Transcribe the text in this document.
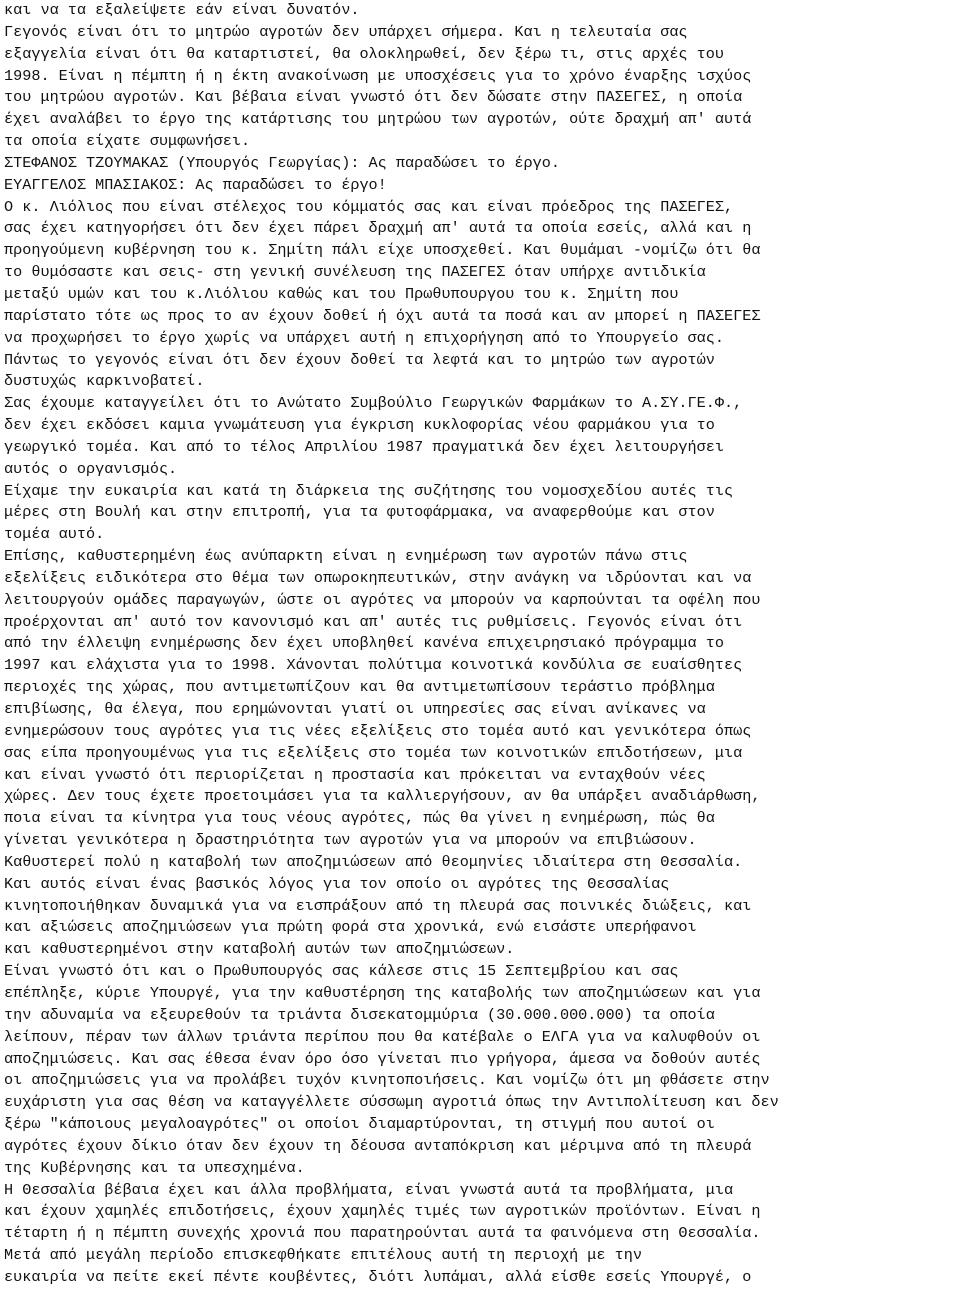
και να τα εξαλείψετε εάν είναι δυνατόν.
Γεγονός είναι ότι το μητρώο αγροτών δεν υπάρχει σήμερα. Και η τελευταία σας
εξαγγελία είναι ότι θα καταρτιστεί, θα ολοκληρωθεί, δεν ξέρω τι, στις αρχές του
1998. Είναι η πέμπτη ή η έκτη ανακοίνωση με υποσχέσεις για το χρόνο έναρξης ισχύος
του μητρώου αγροτών. Και βέβαια είναι γνωστό ότι δεν δώσατε στην ΠΑΣΕΓΕΣ, η οποία
έχει αναλάβει το έργο της κατάρτισης του μητρώου των αγροτών, ούτε δραχμή απ' αυτά
τα οποία είχατε συμφωνήσει.
ΣΤΕΦΑΝΟΣ ΤΖΟΥΜΑΚΑΣ (Υπουργός Γεωργίας): Ας παραδώσει το έργο.
ΕΥΑΓΓΕΛΟΣ ΜΠΑΣΙΑΚΟΣ: Ας παραδώσει το έργο!
Ο κ. Λιόλιος που είναι στέλεχος του κόμματός σας και είναι πρόεδρος της ΠΑΣΕΓΕΣ,
σας έχει κατηγορήσει ότι δεν έχει πάρει δραχμή απ' αυτά τα οποία εσείς, αλλά και η
προηγούμενη κυβέρνηση του κ. Σημίτη πάλι είχε υποσχεθεί. Και θυμάμαι -νομίζω ότι θα
το θυμόσαστε και σεις- στη γενική συνέλευση της ΠΑΣΕΓΕΣ όταν υπήρχε αντιδικία
μεταξύ υμών και του κ.Λιόλιου καθώς και του Πρωθυπουργου του κ. Σημίτη που
παρίστατο τότε ως προς το αν έχουν δοθεί ή όχι αυτά τα ποσά και αν μπορεί η ΠΑΣΕΓΕΣ
να προχωρήσει το έργο χωρίς να υπάρχει αυτή η επιχορήγηση από το Υπουργείο σας.
Πάντως το γεγονός είναι ότι δεν έχουν δοθεί τα λεφτά και το μητρώο των αγροτών
δυστυχώς καρκινοβατεί.
Σας έχουμε καταγγείλει ότι το Ανώτατο Συμβούλιο Γεωργικών Φαρμάκων το Α.ΣΥ.ΓΕ.Φ.,
δεν έχει εκδόσει καμια γνωμάτευση για έγκριση κυκλοφορίας νέου φαρμάκου για το
γεωργικό τομέα. Και από το τέλος Απριλίου 1987 πραγματικά δεν έχει λειτουργήσει
αυτός ο οργανισμός.
Είχαμε την ευκαιρία και κατά τη διάρκεια της συζήτησης του νομοσχεδίου αυτές τις
μέρες στη Βουλή και στην επιτροπή, για τα φυτοφάρμακα, να αναφερθούμε και στον
τομέα αυτό.
Επίσης, καθυστερημένη έως ανύπαρκτη είναι η ενημέρωση των αγροτών πάνω στις
εξελίξεις ειδικότερα στο θέμα των οπωροκηπευτικών, στην ανάγκη να ιδρύονται και να
λειτουργούν ομάδες παραγωγών, ώστε οι αγρότες να μπορούν να καρπούνται τα οφέλη που
προέρχονται απ' αυτό τον κανονισμό και απ' αυτές τις ρυθμίσεις. Γεγονός είναι ότι
από την έλλειψη ενημέρωσης δεν έχει υποβληθεί κανένα επιχειρησιακό πρόγραμμα το
1997 και ελάχιστα για το 1998. Χάνονται πολύτιμα κοινοτικά κονδύλια σε ευαίσθητες
περιοχές της χώρας, που αντιμετωπίζουν και θα αντιμετωπίσουν τεράστιο πρόβλημα
επιβίωσης, θα έλεγα, που ερημώνονται γιατί οι υπηρεσίες σας είναι ανίκανες να
ενημερώσουν τους αγρότες για τις νέες εξελίξεις στο τομέα αυτό και γενικότερα όπως
σας είπα προηγουμένως για τις εξελίξεις στο τομέα των κοινοτικών επιδοτήσεων, μια
και είναι γνωστό ότι περιορίζεται η προστασία και πρόκειται να ενταχθούν νέες
χώρες. Δεν τους έχετε προετοιμάσει για τα καλλιεργήσουν, αν θα υπάρξει αναδιάρθωση,
ποια είναι τα κίνητρα για τους νέους αγρότες, πώς θα γίνει η ενημέρωση, πώς θα
γίνεται γενικότερα η δραστηριότητα των αγροτών για να μπορούν να επιβιώσουν.
Καθυστερεί πολύ η καταβολή των αποζημιώσεων από θεομηνίες ιδιαίτερα στη Θεσσαλία.
Και αυτός είναι ένας βασικός λόγος για τον οποίο οι αγρότες της Θεσσαλίας
κινητοποιήθηκαν δυναμικά για να εισπράξουν από τη πλευρά σας ποινικές διώξεις, και
και αξιώσεις αποζημιώσεων για πρώτη φορά στα χρονικά, ενώ εισάστε υπερήφανοι
και καθυστερημένοι στην καταβολή αυτών των αποζημιώσεων.
Είναι γνωστό ότι και ο Πρωθυπουργός σας κάλεσε στις 15 Σεπτεμβρίου και σας
επέπληξε, κύριε Υπουργέ, για την καθυστέρηση της καταβολής των αποζημιώσεων και για
την αδυναμία να εξευρεθούν τα τριάντα δισεκατομμύρια (30.000.000.000) τα οποία
λείπουν, πέραν των άλλων τριάντα περίπου που θα κατέβαλε ο ΕΛΓΑ για να καλυφθούν οι
αποζημιώσεις. Και σας έθεσα έναν όρο όσο γίνεται πιο γρήγορα, άμεσα να δοθούν αυτές
οι αποζημιώσεις για να προλάβει τυχόν κινητοποιήσεις. Και νομίζω ότι μη φθάσετε στην
ευχάριστη για σας θέση να καταγγέλλετε σύσσωμη αγροτιά όπως την Αντιπολίτευση και δεν
ξέρω "κάποιους μεγαλοαγρότες" οι οποίοι διαμαρτύρονται, τη στιγμή που αυτοί οι
αγρότες έχουν δίκιο όταν δεν έχουν τη δέουσα ανταπόκριση και μέριμνα από τη πλευρά
της Κυβέρνησης και τα υπεσχημένα.
Η Θεσσαλία βέβαια έχει και άλλα προβλήματα, είναι γνωστά αυτά τα προβλήματα, μια
και έχουν χαμηλές επιδοτήσεις, έχουν χαμηλές τιμές των αγροτικών προϊόντων. Είναι η
τέταρτη ή η πέμπτη συνεχής χρονιά που παρατηρούνται αυτά τα φαινόμενα στη Θεσσαλία.
Μετά από μεγάλη περίοδο επισκεφθήκατε επιτέλους αυτή τη περιοχή με την
ευκαιρία να πείτε εκεί πέντε κουβέντες, διότι λυπάμαι, αλλά είσθε εσείς Υπουργέ, ο
